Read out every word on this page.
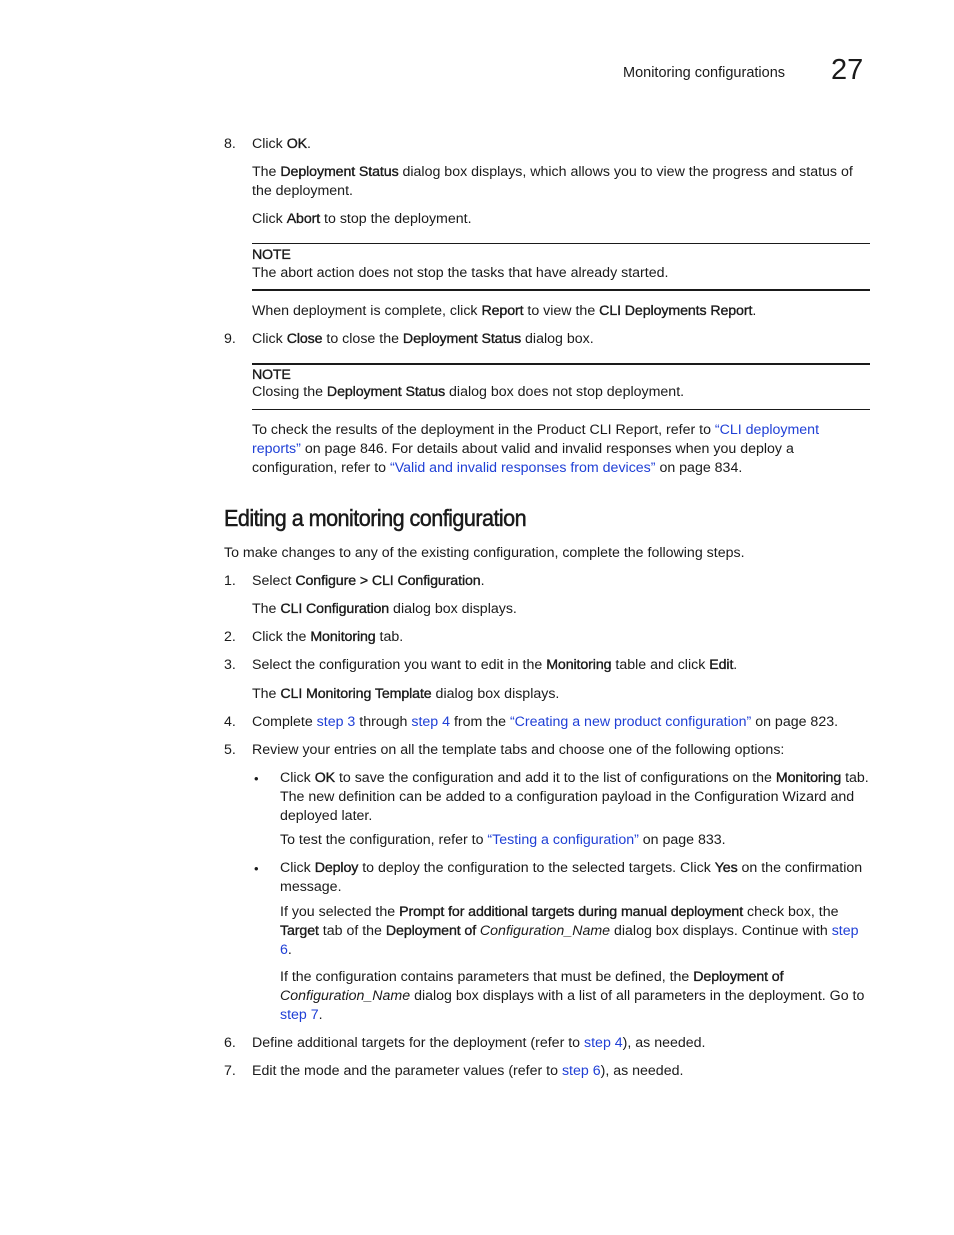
Monitoring configurations 27
8. Click OK.

The Deployment Status dialog box displays, which allows you to view the progress and status of the deployment.

Click Abort to stop the deployment.

NOTE

The abort action does not stop the tasks that have already started.

When deployment is complete, click Report to view the CLI Deployments Report.

9. Click Close to close the Deployment Status dialog box.

NOTE

Closing the Deployment Status dialog box does not stop deployment.

To check the results of the deployment in the Product CLI Report, refer to “CLI deployment reports” on page 846. For details about valid and invalid responses when you deploy a configuration, refer to “Valid and invalid responses from devices” on page 834.

Editing a monitoring configuration

To make changes to any of the existing configuration, complete the following steps.

1. Select Configure > CLI Configuration.

The CLI Configuration dialog box displays.

2. Click the Monitoring tab.

3. Select the configuration you want to edit in the Monitoring table and click Edit.

The CLI Monitoring Template dialog box displays.

4. Complete step 3 through step 4 from the “Creating a new product configuration” on page 823.

5. Review your entries on all the template tabs and choose one of the following options:

• Click OK to save the configuration and add it to the list of configurations on the Monitoring tab. The new definition can be added to a configuration payload in the Configuration Wizard and deployed later.

To test the configuration, refer to “Testing a configuration” on page 833.

• Click Deploy to deploy the configuration to the selected targets. Click Yes on the confirmation message.

If you selected the Prompt for additional targets during manual deployment check box, the Target tab of the Deployment of Configuration_Name dialog box displays. Continue with step 6.

If the configuration contains parameters that must be defined, the Deployment of Configuration_Name dialog box displays with a list of all parameters in the deployment. Go to step 7.

6. Define additional targets for the deployment (refer to step 4), as needed.

7. Edit the mode and the parameter values (refer to step 6), as needed.
